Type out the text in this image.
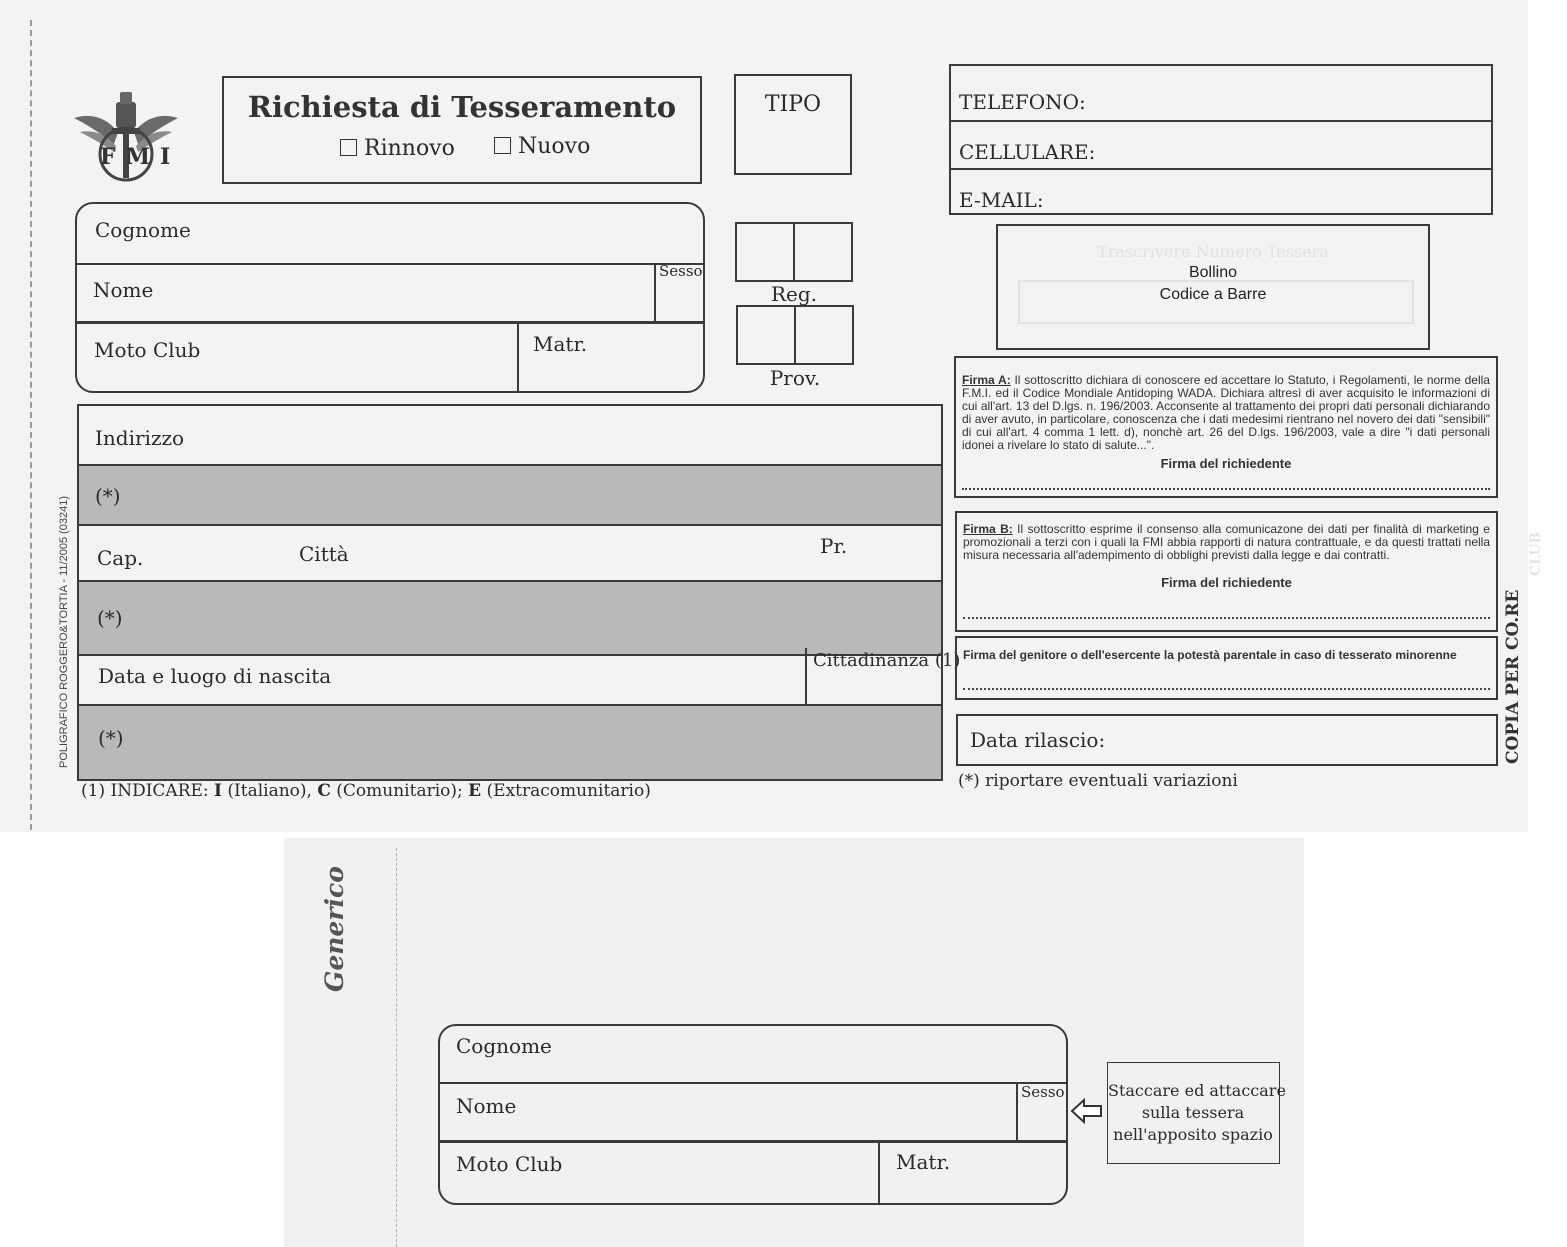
FMI
Richiesta di Tesseramento
Rinnovo	Nuovo
TIPO	TELEFONO:
CELLULARE:
E-MAIL:
Reg.
Prov.
Trascrivere Numero Tessera
Bollino
Codice a Barre
Cognome
Nome
Sesso
Moto Club	Matr.
Indirizzo
(*)
Cap.	Città	Pr.
(*)
Data e luogo di nascita
Cittadinanza (1)
(*)
(1) INDICARE: I (Italiano), C (Comunitario); E (Extracomunitario)
Firma A: Il sottoscritto dichiara di conoscere ed accettare lo Statuto, i Regolamenti, le norme della F.M.I. ed il Codice Mondiale Antidoping WADA. Dichiara altresì di aver acquisito le informazioni di cui all'art. 13 del D.lgs. n. 196/2003. Acconsente al trattamento dei propri dati personali dichiarando di aver avuto, in particolare, conoscenza che i dati medesimi rientrano nel novero dei dati "sensibili" di cui all'art. 4 comma 1 lett. d), nonchè art. 26 del D.lgs. 196/2003, vale a dire "i dati personali idonei a rivelare lo stato di salute...".
Firma del richiedente
Firma B: Il sottoscritto esprime il consenso alla comunicazone dei dati per finalità di marketing e promozionali a terzi con i quali la FMI abbia rapporti di natura contrattuale, e da questi trattati nella misura necessaria all'adempimento di obblighi previsti dalla legge e dai contratti.
Firma del richiedente
Firma del genitore o dell'esercente la potestà parentale in caso di tesserato minorenne
Data rilascio:
(*) riportare eventuali variazioni
POLIGRAFICO ROGGERO&TORTIA - 11/2005 (03241)	COPIA PER CO.RE
CLUB
Generico
Cognome
Nome
Sesso
Moto Club	Matr.
Staccare ed attaccare
sulla tessera
nell'apposito spazio
